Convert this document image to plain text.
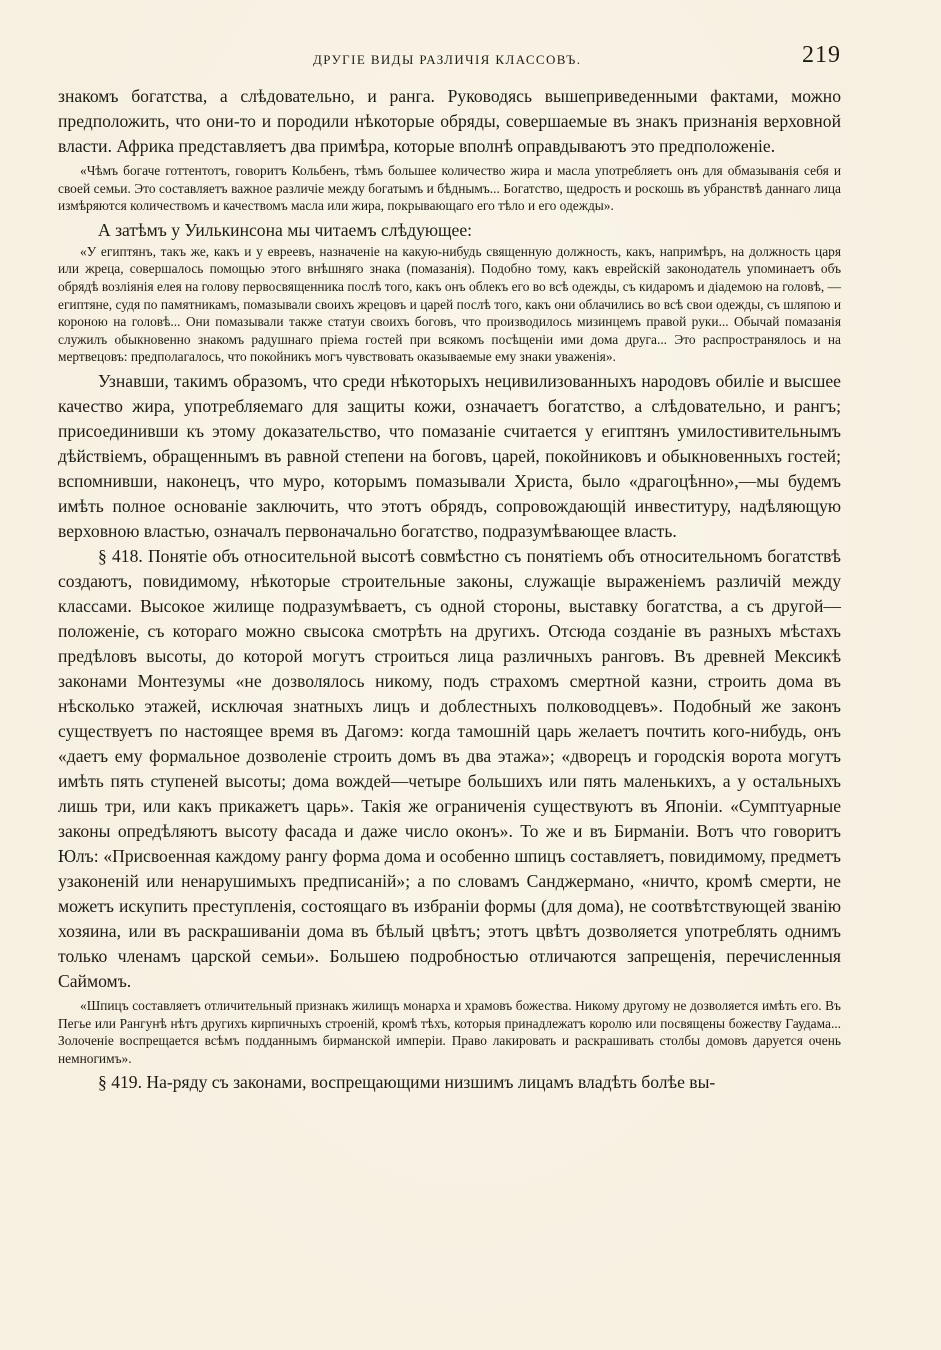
ДРУГІЕ ВИДЫ РАЗЛИЧІЯ КЛАССОВЪ.	219

знакомъ богатства, а слѣдовательно, и ранга. Руководясь вышеприведенными фактами, можно предположить, что они-то и породили нѣкоторые обряды, совершаемые въ знакъ признанія верховной власти. Африка представляетъ два примѣра, которые вполнѣ оправдываютъ это предположеніе.

«Чѣмъ богаче готтентотъ, говоритъ Кольбенъ, тѣмъ большее количество жира и масла употребляетъ онъ для обмазыванія себя и своей семьи. Это составляетъ важное различіе между богатымъ и бѣднымъ... Богатство, щедрость и роскошь въ убранствѣ даннаго лица измѣряются количествомъ и качествомъ масла или жира, покрывающаго его тѣло и его одежды».

А затѣмъ у Уилькинсона мы читаемъ слѣдующее:

«У египтянъ, такъ же, какъ и у евреевъ, назначеніе на какую-нибудь священную должность, какъ, напримѣръ, на должность царя или жреца, совершалось помощью этого внѣшняго знака (помазанія). Подобно тому, какъ еврейскій законодатель упоминаетъ объ обрядѣ возліянія елея на голову первосвященника послѣ того, какъ онъ облекъ его во всѣ одежды, съ кидаромъ и діадемою на головѣ, — египтяне, судя по памятникамъ, помазывали своихъ жрецовъ и царей послѣ того, какъ они облачились во всѣ свои одежды, съ шляпою и короною на головѣ... Они помазывали также статуи своихъ боговъ, что производилось мизинцемъ правой руки... Обычай помазанія служилъ обыкновенно знакомъ радушнаго пріема гостей при всякомъ посѣщеніи ими дома друга... Это распространялось и на мертвецовъ: предполагалось, что покойникъ могъ чувствовать оказываемые ему знаки уваженія».

Узнавши, такимъ образомъ, что среди нѣкоторыхъ нецивилизованныхъ народовъ обиліе и высшее качество жира, употребляемаго для защиты кожи, означаетъ богатство, а слѣдовательно, и рангъ; присоединивши къ этому доказательство, что помазаніе считается у египтянъ умилостивительнымъ дѣйствіемъ, обращеннымъ въ равной степени на боговъ, царей, покойниковъ и обыкновенныхъ гостей; вспомнивши, наконецъ, что муро, которымъ помазывали Христа, было «драгоцѣнно»,—мы будемъ имѣть полное основаніе заключить, что этотъ обрядъ, сопровождающій инвеституру, надѣляющую верховною властью, означалъ первоначально богатство, подразумѣвающее власть.

§ 418. Понятіе объ относительной высотѣ совмѣстно съ понятіемъ объ относительномъ богатствѣ создаютъ, повидимому, нѣкоторые строительные законы, служащіе выраженіемъ различій между классами. Высокое жилище подразумѣваетъ, съ одной стороны, выставку богатства, а съ другой—положеніе, съ котораго можно свысока смотрѣть на другихъ. Отсюда созданіе въ разныхъ мѣстахъ предѣловъ высоты, до которой могутъ строиться лица различныхъ ранговъ. Въ древней Мексикѣ законами Монтезумы «не дозволялось никому, подъ страхомъ смертной казни, строить дома въ нѣсколько этажей, исключая знатныхъ лицъ и доблестныхъ полководцевъ». Подобный же законъ существуетъ по настоящее время въ Дагомэ: когда тамошній царь желаетъ почтить кого-нибудь, онъ «даетъ ему формальное дозволеніе строить домъ въ два этажа»; «дворецъ и городскія ворота могутъ имѣть пять ступеней высоты; дома вождей—четыре большихъ или пять маленькихъ, а у остальныхъ лишь три, или какъ прикажетъ царь». Такія же ограниченія существуютъ въ Японіи. «Сумптуарные законы опредѣляютъ высоту фасада и даже число оконъ». То же и въ Бирманіи. Вотъ что говоритъ Юлъ: «Присвоенная каждому рангу форма дома и особенно шпицъ составляетъ, повидимому, предметъ узаконеній или ненарушимыхъ предписаній»; а по словамъ Санджермано, «ничто, кромѣ смерти, не можетъ искупить преступленія, состоящаго въ избраніи формы (для дома), не соотвѣтствующей званію хозяина, или въ раскрашиваніи дома въ бѣлый цвѣтъ; этотъ цвѣтъ дозволяется употреблять однимъ только членамъ царской семьи». Большею подробностью отличаются запрещенія, перечисленныя Саймомъ.

«Шпицъ составляетъ отличительный признакъ жилищъ монарха и храмовъ божества. Никому другому не дозволяется имѣть его. Въ Пегье или Рангунѣ нѣтъ другихъ кирпичныхъ строеній, кромѣ тѣхъ, которыя принадлежатъ королю или посвящены божеству Гаудама... Золоченіе воспрещается всѣмъ подданнымъ бирманской имперіи. Право лакировать и раскрашивать столбы домовъ даруется очень немногимъ».

§ 419. На-ряду съ законами, воспрещающими низшимъ лицамъ владѣть болѣе вы-
